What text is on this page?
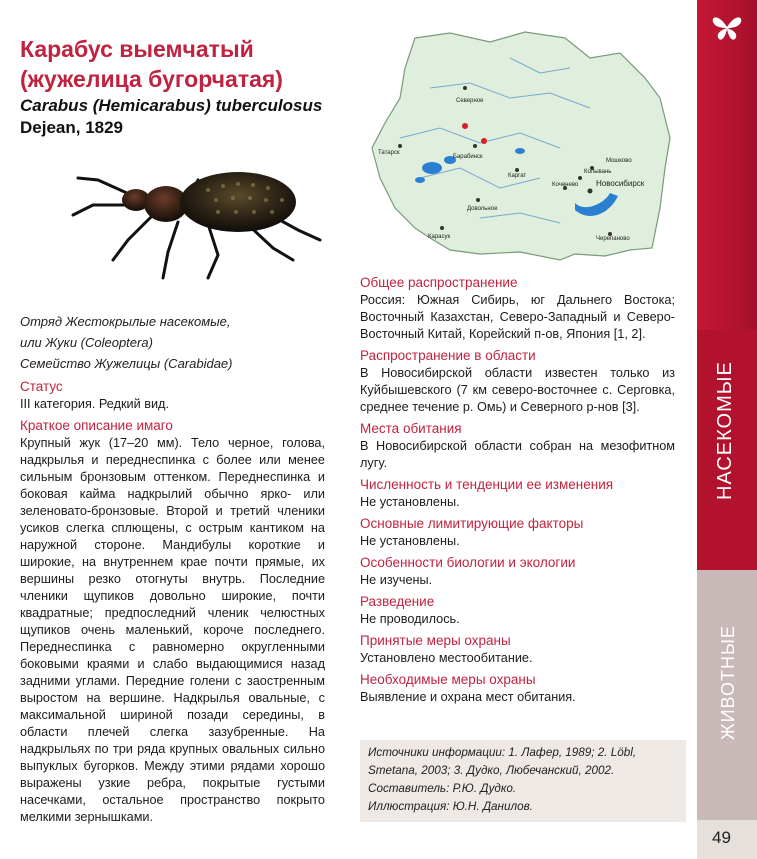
НАСЕКОМЫЕ
ЖИВОТНЫЕ
49
Карабус выемчатый
(жужелица бугорчатая)
Carabus (Hemicarabus) tuberculosus
Dejean, 1829
Отряд Жестокрылые насекомые,
или Жуки (Coleoptera)
Семейство Жужелицы (Carabidae)
Статус
III категория. Редкий вид.
Краткое описание имаго
Крупный жук (17–20 мм). Тело черное, голова, надкрылья и переднеспинка с более или менее сильным бронзовым оттенком. Переднеспинка и боковая кайма надкрылий обычно ярко- или зеленовато-бронзовые. Второй и третий членики усиков слегка сплющены, с острым кантиком на наружной стороне. Мандибулы короткие и широкие, на внутреннем крае почти прямые, их вершины резко отогнуты внутрь. Последние членики щупиков довольно широкие, почти квадратные; предпоследний членик челюстных щупиков очень маленький, короче последнего. Переднеспинка с равномерно округленными боковыми краями и слабо выдающимися назад задними углами. Передние голени с заостренным выростом на вершине. Надкрылья овальные, с максимальной шириной позади середины, в области плечей слегка зазубренные. На надкрыльях по три ряда крупных овальных сильно выпуклых бугорков. Между этими рядами хорошо выражены узкие ребра, покрытые густыми насечками, остальное пространство покрыто мелкими зернышками.
Северное
Татарск
Барабинск
Каргат
Мошково
Колывань
Коченево Новосибирск
Довольное
Карасук	Черепаново
Общее распространение
Россия: Южная Сибирь, юг Дальнего Востока; Восточный Казахстан, Северо-Западный и Северо-Восточный Китай, Корейский п-ов, Япония [1, 2].
Распространение в области
В Новосибирской области известен только из Куйбышевского (7 км северо-восточнее с. Серговка, среднее течение р. Омь) и Северного р-нов [3].
Места обитания
В Новосибирской области собран на мезофитном лугу.
Численность и тенденции ее изменения
Не установлены.
Основные лимитирующие факторы
Не установлены.
Особенности биологии и экологии
Не изучены.
Разведение
Не проводилось.
Принятые меры охраны
Установлено местообитание.
Необходимые меры охраны
Выявление и охрана мест обитания.
Источники информации: 1. Лафер, 1989; 2. Löbl,
Smetana, 2003; 3. Дудко, Любечанский, 2002.
Составитель: Р.Ю. Дудко.
Иллюстрация: Ю.Н. Данилов.
